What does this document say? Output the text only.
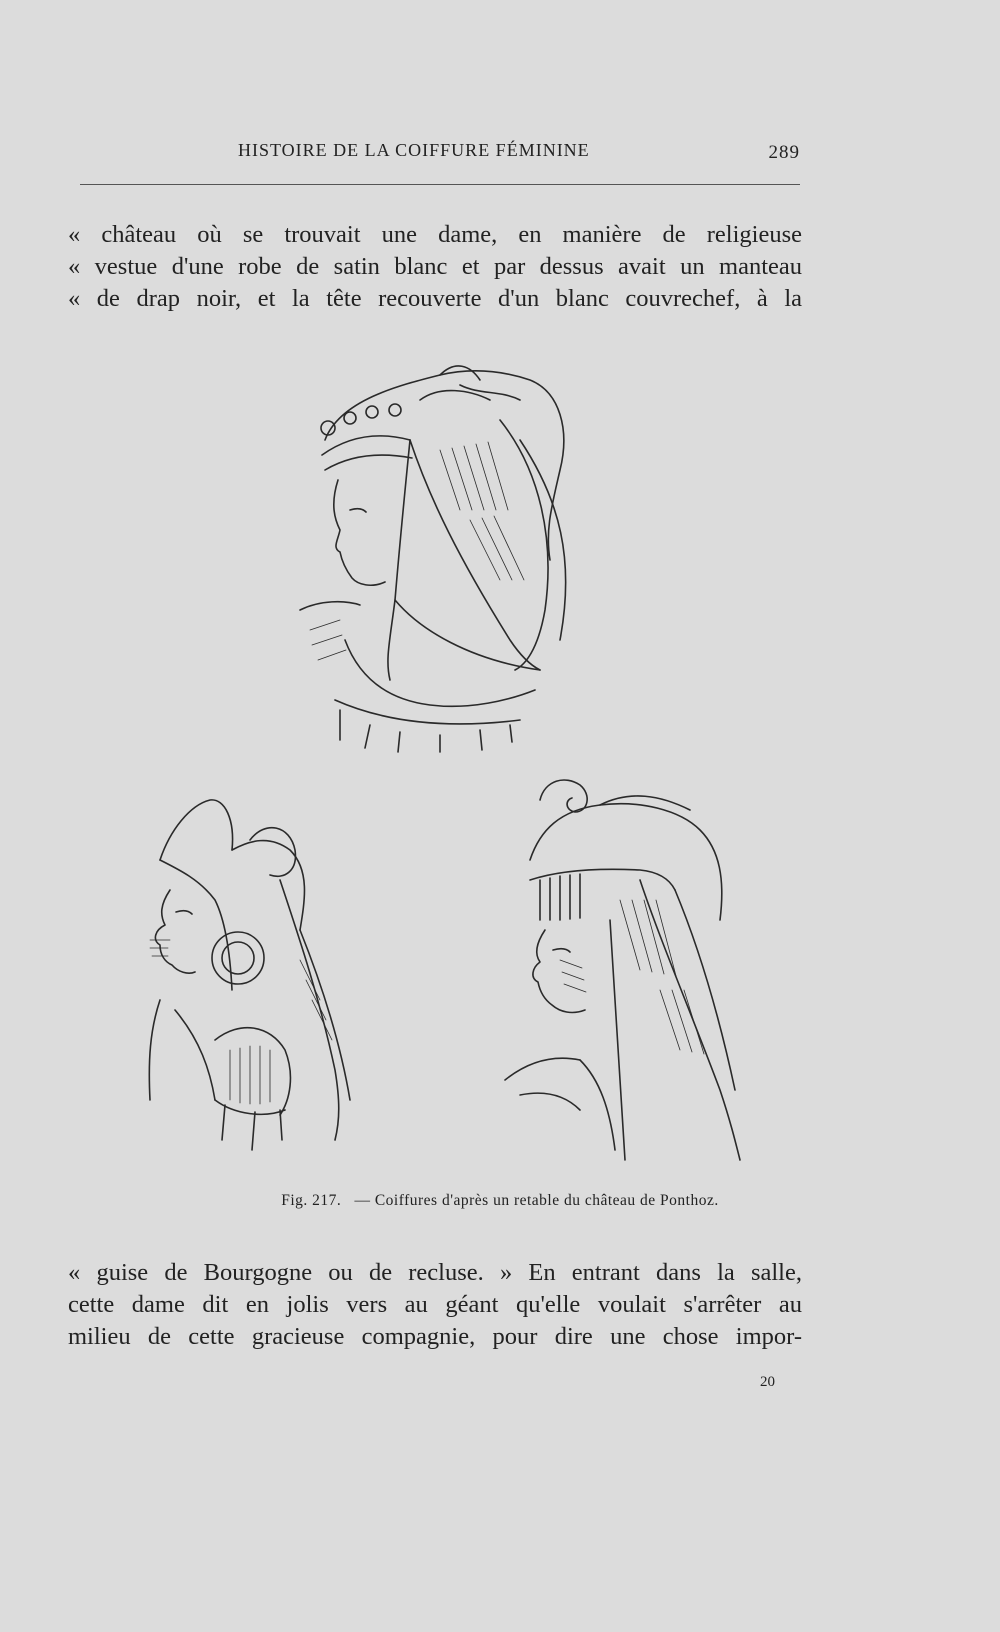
HISTOIRE DE LA COIFFURE FÉMININE	289
« château où se trouvait une dame, en manière de religieuse
« vestue d'une robe de satin blanc et par dessus avait un manteau
« de drap noir, et la tête recouverte d'un blanc couvrechef, à la
Fig. 217. — Coiffures d'après un retable du château de Ponthoz.
« guise de Bourgogne ou de recluse. » En entrant dans la salle,
cette dame dit en jolis vers au géant qu'elle voulait s'arrêter au
milieu de cette gracieuse compagnie, pour dire une chose impor-
20
